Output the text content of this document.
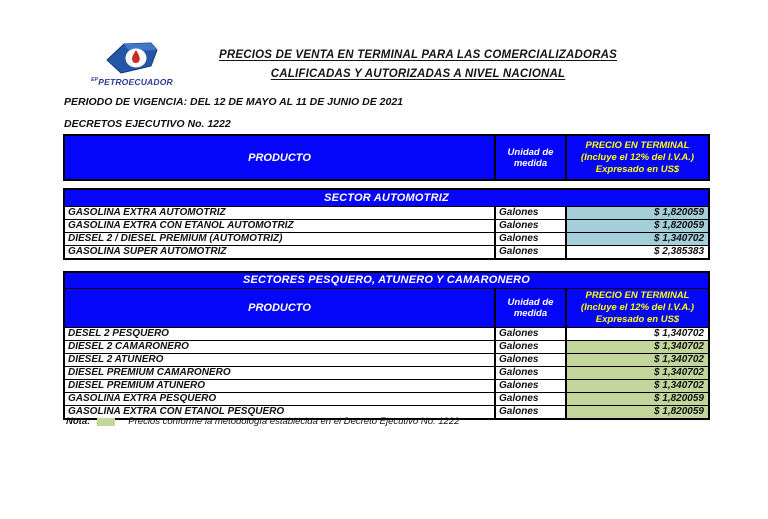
$^{EP}$PETROECUADOR
PRECIOS DE VENTA EN TERMINAL PARA LAS COMERCIALIZADORAS
CALIFICADAS Y AUTORIZADAS A NIVEL NACIONAL
PERIODO DE VIGENCIA: DEL 12 DE MAYO AL 11 DE JUNIO DE 2021
DECRETOS EJECUTIVO No. 1222
PRODUCTO	Unidad de medida	
PRECIO EN TERMINAL
(Incluye el 12% del I.V.A.)
Expresado en US$
SECTOR AUTOMOTRIZ		
GASOLINA EXTRA AUTOMOTRIZ	Galones	$ 1,820059
GASOLINA EXTRA CON ETANOL AUTOMOTRIZ	Galones	$ 1,820059
DIESEL 2 / DIESEL PREMIUM (AUTOMOTRIZ)	Galones	$ 1,340702
GASOLINA SUPER AUTOMOTRIZ	Galones	$ 2,385383
SECTORES PESQUERO, ATUNERO Y CAMARONERO		
PRODUCTO	Unidad de medida	PRECIO EN TERMINAL
(Incluye el 12% del I.V.A.)
Expresado en US$

DESEL 2 PESQUERO	Galones	$ 1,340702
DIESEL 2 CAMARONERO	Galones	$ 1,340702
DIESEL 2 ATUNERO	Galones	$ 1,340702
DIESEL PREMIUM CAMARONERO	Galones	$ 1,340702
DIESEL PREMIUM ATUNERO	Galones	$ 1,340702
GASOLINA EXTRA PESQUERO	Galones	$ 1,820059
GASOLINA EXTRA CON ETANOL PESQUERO	Galones	$ 1,820059
Nota:	Precios conforme la metodología establecida en el Decreto Ejecutivo No. 1222
